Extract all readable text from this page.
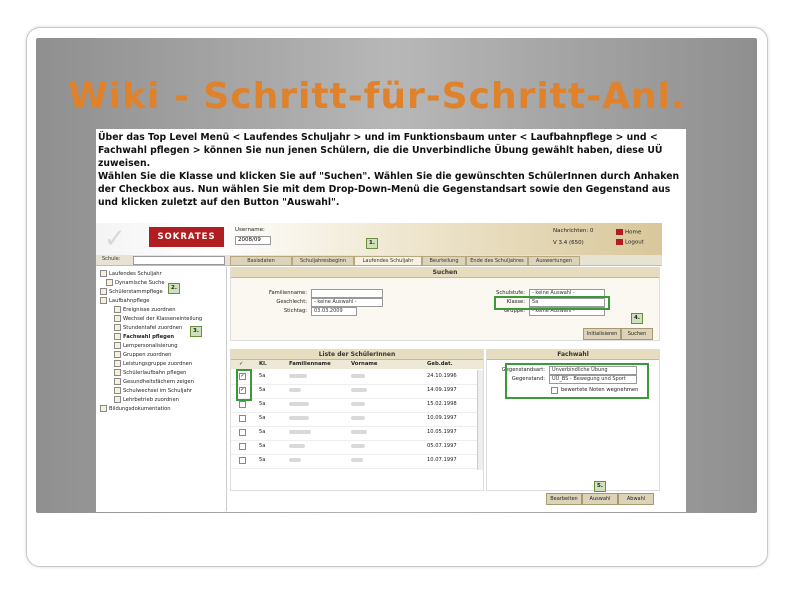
Wiki - Schritt-für-Schritt-Anl.
Über das Top Level Menü < Laufendes Schuljahr > und im Funktionsbaum unter < Laufbahnpflege > und < Fachwahl pflegen > können Sie nun jenen Schülern, die die Unverbindliche Übung gewählt haben, diese UÜ zuweisen.
Wählen Sie die Klasse und klicken Sie auf "Suchen". Wählen Sie die gewünschten SchülerInnen durch Anhaken der Checkbox aus. Nun wählen Sie mit dem Drop-Down-Menü die Gegenstandsart sowie den Gegenstand aus und klicken zuletzt auf den Button "Auswahl".
✓	SOKRATES
Username:
2008/09
Nachrichten: 0
V 3.4 (650)
Home
Logout
1.
Schule:	Basisdaten	Schuljahresbeginn	Laufendes Schuljahr	Beurteilung	Ende des Schuljahres	Auswertungen
Laufendes Schuljahr
Dynamische Suche
Schülerstammpflege
Laufbahnpflege
Ereignisse zuordnen
Wechsel der Klasseneinteilung
Stundentafel zuordnen
Fachwahl pflegen
Lernpersonalisierung
Gruppen zuordnen
Leistungsgruppe zuordnen
Schülerlaufbahn pflegen
Gesundheitsfächern zeigen
Schulwechsel im Schuljahr
Lehrbetrieb zuordnen
Bildungsdokumentation
2.
3.
Suchen
Familienname:
Geschlecht:	- keine Auswahl -
Stichtag:	03.03.2009
Schulstufe:	- keine Auswahl -
Klasse:	5a
Gruppe:	- keine Auswahl -
Initialisieren	Suchen
4.
Liste der SchülerInnen
✓	Kl.	Familienname	Vorname	Geb.dat.
✓	5a	24.10.1996
✓	5a	14.09.1997
5a	15.02.1998
5a	10.09.1997
5a	10.05.1997
5a	05.07.1997
5a	10.07.1997
Fachwahl
Gegenstandsart:	Unverbindliche Übung
Gegenstand:	UÜ_BS - Bewegung und Sport
bewertete Noten wegnehmen
Bearbeiten	Auswahl	Abwahl
5.
